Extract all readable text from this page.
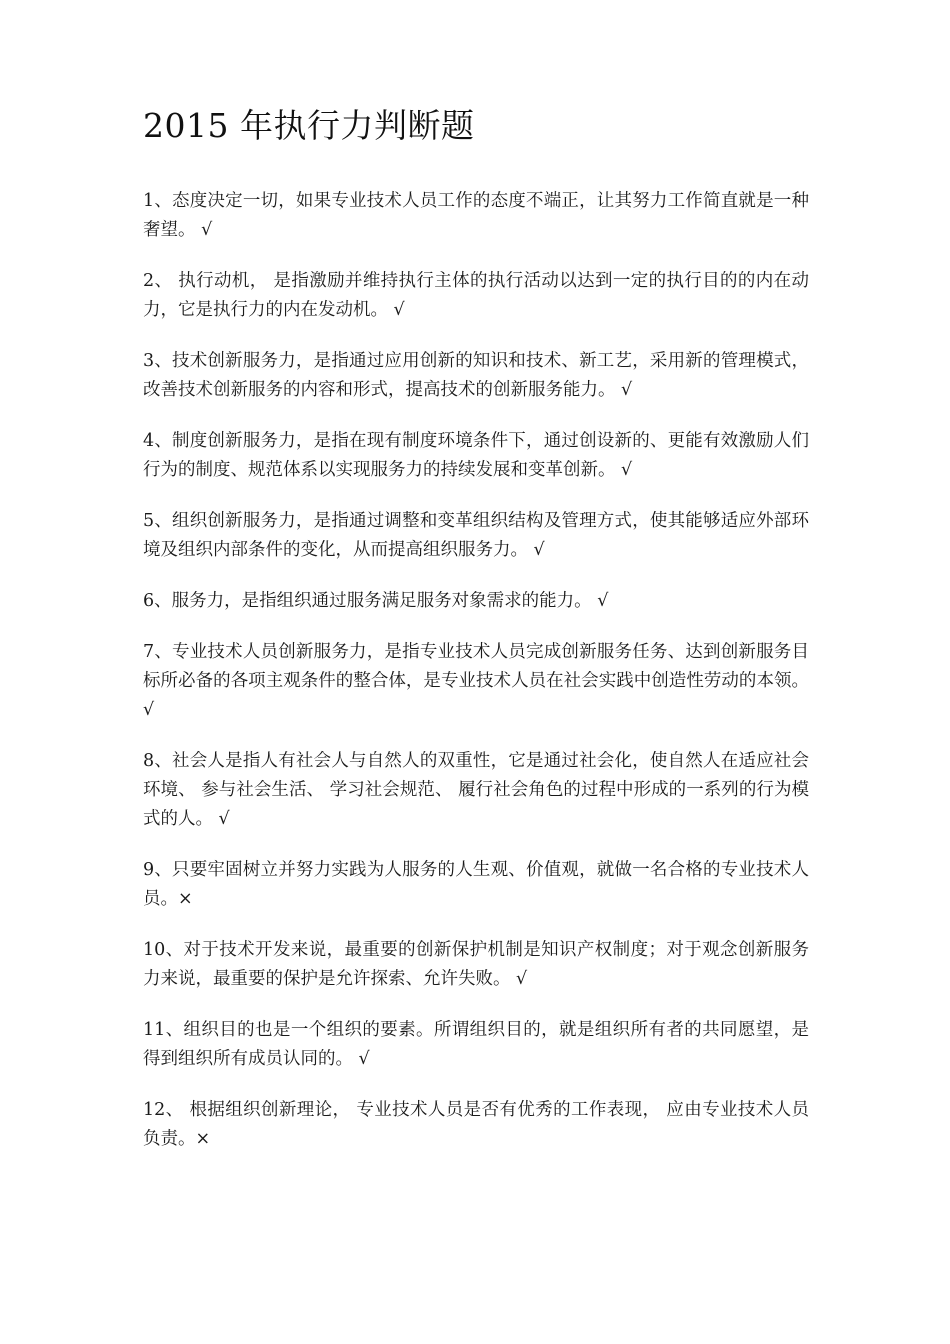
2015 年执行力判断题
1、态度决定一切，如果专业技术人员工作的态度不端正，让其努力工作简直就是一种奢望。 √
2、 执行动机， 是指激励并维持执行主体的执行活动以达到一定的执行目的的内在动力，它是执行力的内在发动机。 √
3、技术创新服务力，是指通过应用创新的知识和技术、新工艺，采用新的管理模式，改善技术创新服务的内容和形式，提高技术的创新服务能力。 √
4、制度创新服务力，是指在现有制度环境条件下，通过创设新的、更能有效激励人们行为的制度、规范体系以实现服务力的持续发展和变革创新。 √
5、组织创新服务力，是指通过调整和变革组织结构及管理方式，使其能够适应外部环境及组织内部条件的变化，从而提高组织服务力。 √
6、服务力，是指组织通过服务满足服务对象需求的能力。 √
7、专业技术人员创新服务力，是指专业技术人员完成创新服务任务、达到创新服务目标所必备的各项主观条件的整合体，是专业技术人员在社会实践中创造性劳动的本领。 √
8、社会人是指人有社会人与自然人的双重性，它是通过社会化，使自然人在适应社会环境、 参与社会生活、 学习社会规范、 履行社会角色的过程中形成的一系列的行为模式的人。 √
9、只要牢固树立并努力实践为人服务的人生观、价值观，就做一名合格的专业技术人员。×
10、对于技术开发来说，最重要的创新保护机制是知识产权制度；对于观念创新服务力来说，最重要的保护是允许探索、允许失败。 √
11、组织目的也是一个组织的要素。所谓组织目的，就是组织所有者的共同愿望，是得到组织所有成员认同的。 √
12、 根据组织创新理论， 专业技术人员是否有优秀的工作表现， 应由专业技术人员负责。×
